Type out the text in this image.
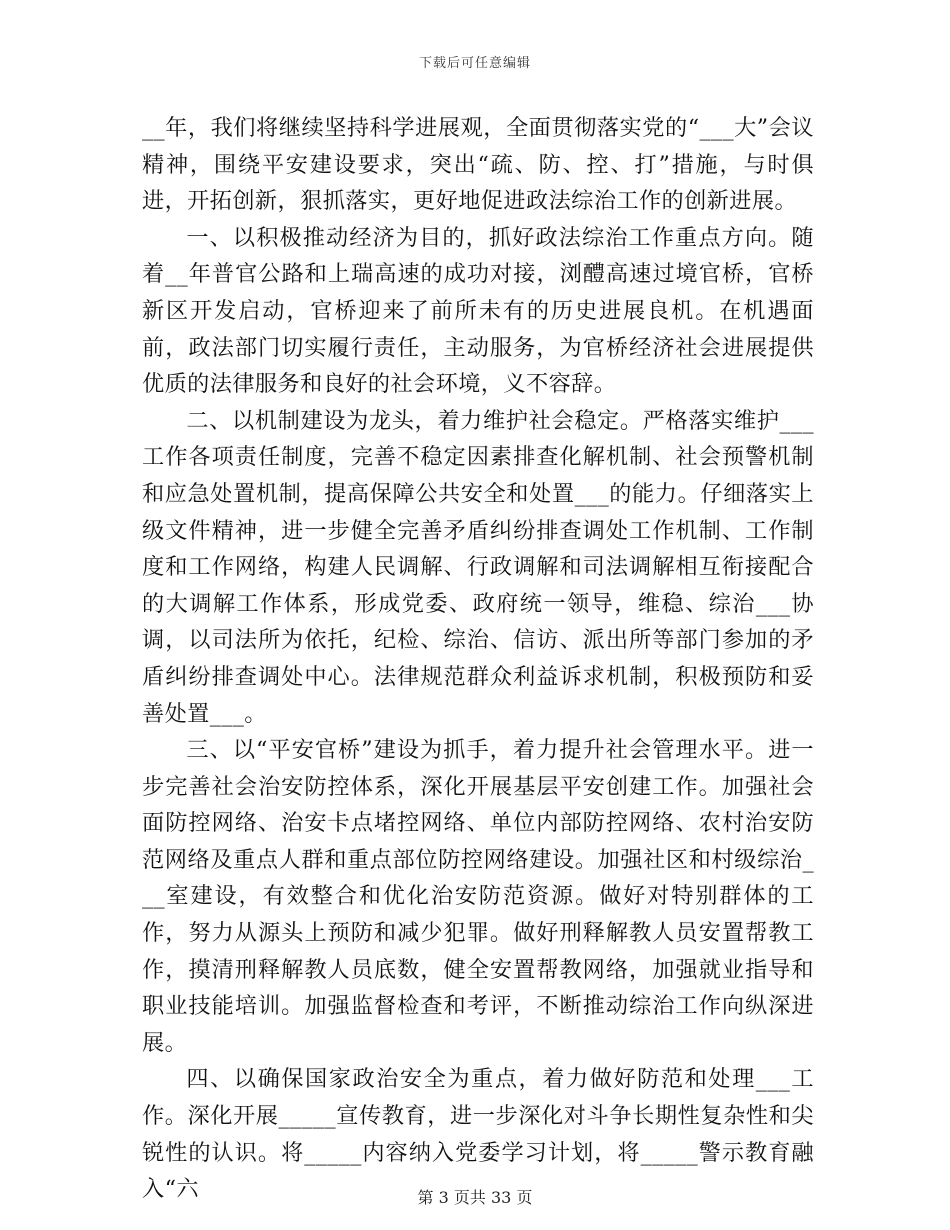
下载后可任意编辑

__年，我们将继续坚持科学进展观，全面贯彻落实党的“___大”会议精神，围绕平安建设要求，突出“疏、防、控、打”措施，与时俱进，开拓创新，狠抓落实，更好地促进政法综治工作的创新进展。

一、以积极推动经济为目的，抓好政法综治工作重点方向。随着__年普官公路和上瑞高速的成功对接，浏醴高速过境官桥，官桥新区开发启动，官桥迎来了前所未有的历史进展良机。在机遇面前，政法部门切实履行责任，主动服务，为官桥经济社会进展提供优质的法律服务和良好的社会环境，义不容辞。

二、以机制建设为龙头，着力维护社会稳定。严格落实维护___工作各项责任制度，完善不稳定因素排查化解机制、社会预警机制和应急处置机制，提高保障公共安全和处置___的能力。仔细落实上级文件精神，进一步健全完善矛盾纠纷排查调处工作机制、工作制度和工作网络，构建人民调解、行政调解和司法调解相互衔接配合的大调解工作体系，形成党委、政府统一领导，维稳、综治___协调，以司法所为依托，纪检、综治、信访、派出所等部门参加的矛盾纠纷排查调处中心。法律规范群众利益诉求机制，积极预防和妥善处置___。

三、以“平安官桥”建设为抓手，着力提升社会管理水平。进一步完善社会治安防控体系，深化开展基层平安创建工作。加强社会面防控网络、治安卡点堵控网络、单位内部防控网络、农村治安防范网络及重点人群和重点部位防控网络建设。加强社区和村级综治___室建设，有效整合和优化治安防范资源。做好对特别群体的工作，努力从源头上预防和减少犯罪。做好刑释解教人员安置帮教工作，摸清刑释解教人员底数，健全安置帮教网络，加强就业指导和职业技能培训。加强监督检查和考评，不断推动综治工作向纵深进展。

四、以确保国家政治安全为重点，着力做好防范和处理___工作。深化开展_____宣传教育，进一步深化对斗争长期性复杂性和尖锐性的认识。将_____内容纳入党委学习计划，将_____警示教育融入“六	第 3 页共 33 页
